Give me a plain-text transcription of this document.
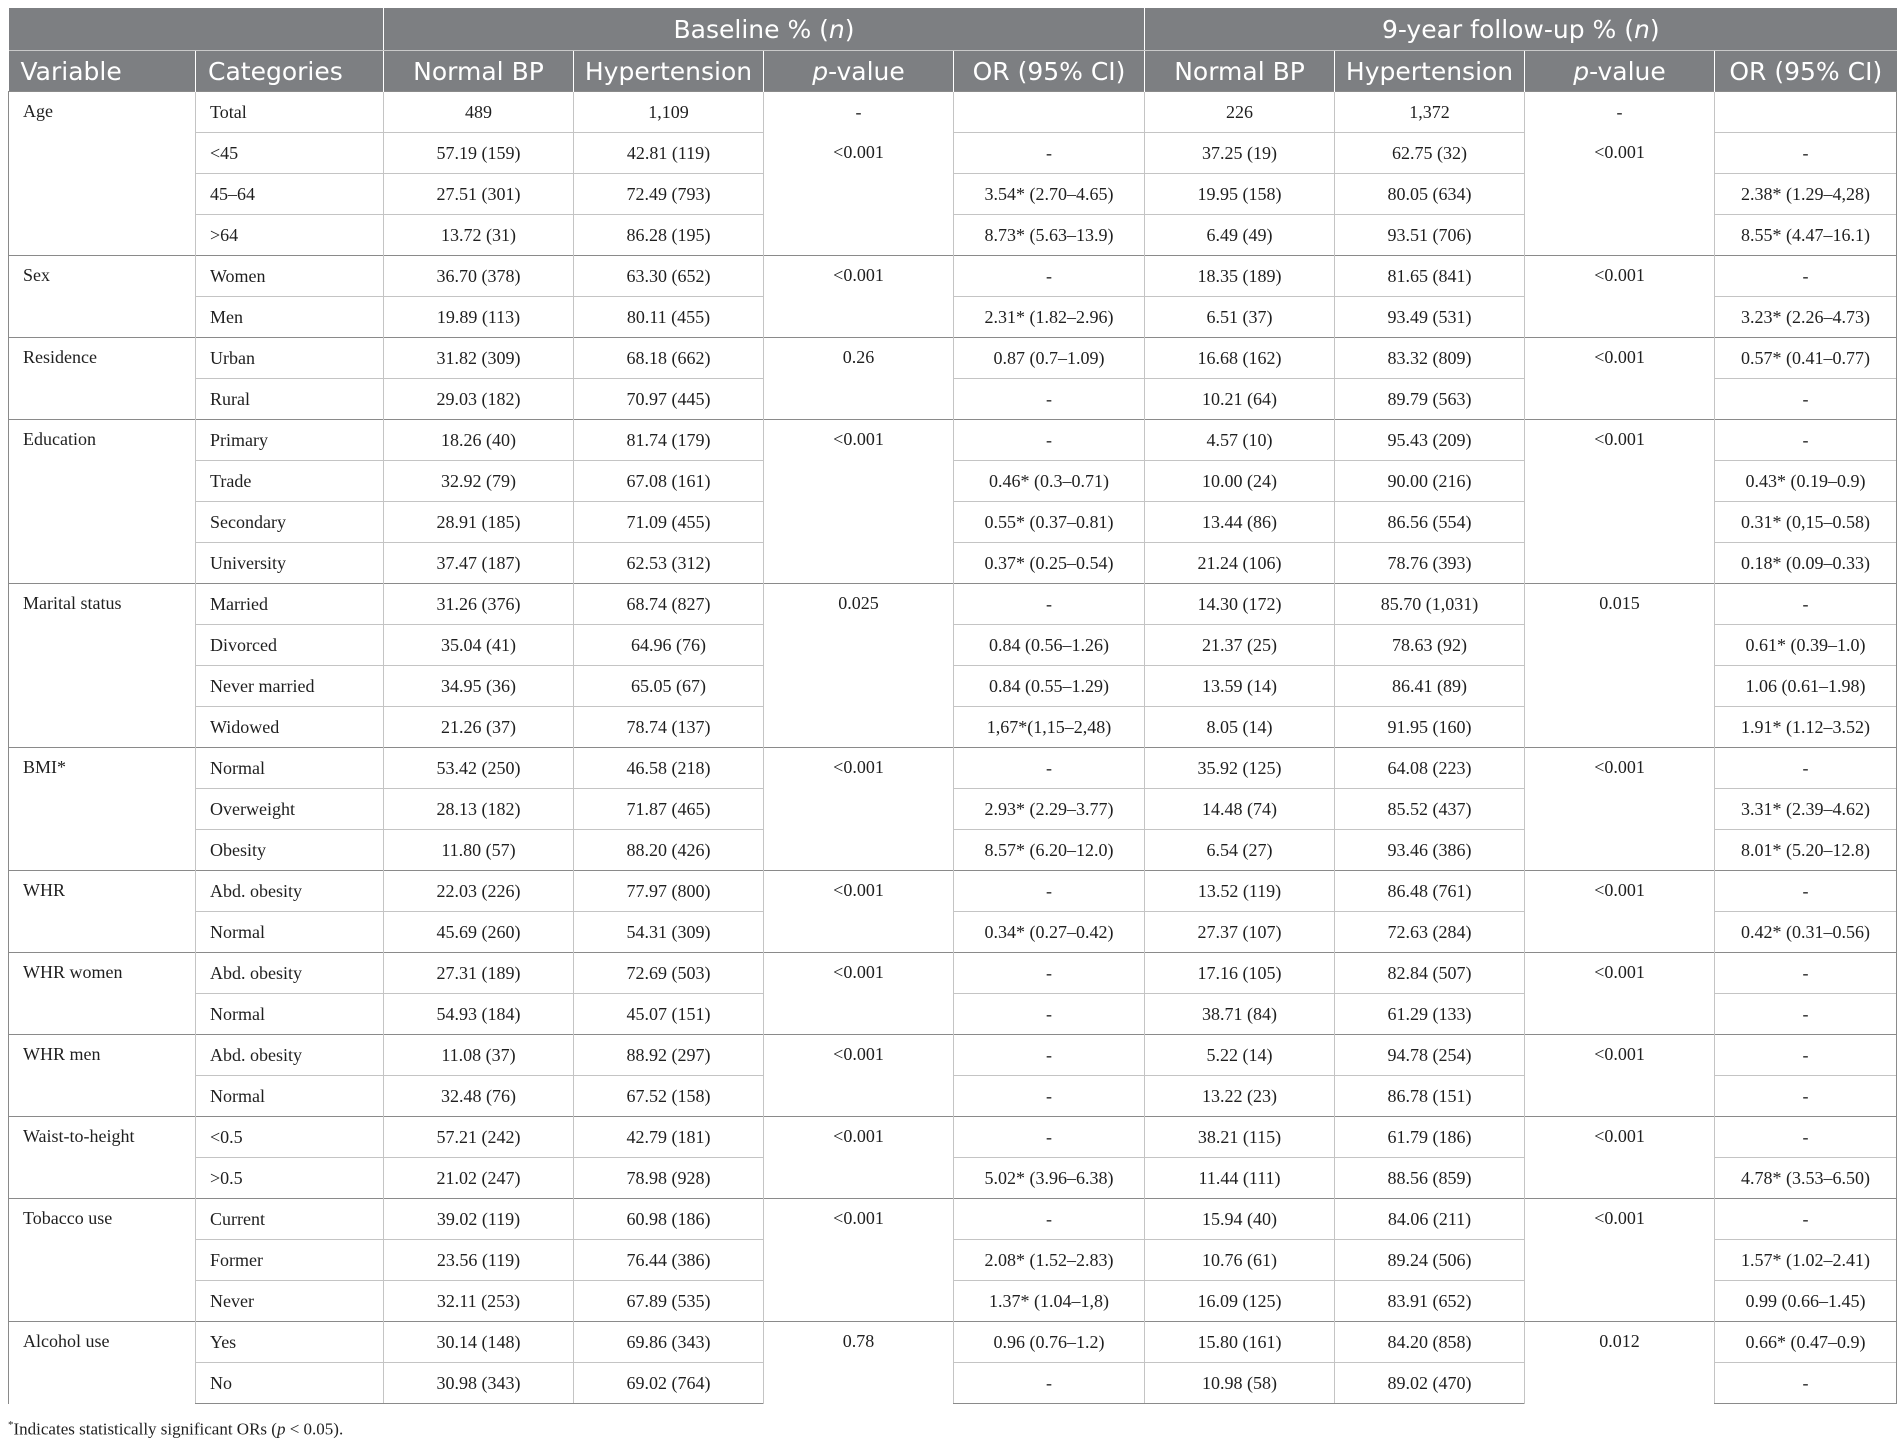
		Baseline % (n)				9-year follow-up % (n)			
Variable	Categories	Normal BP	Hypertension	p-value	OR (95% CI)	Normal BP	Hypertension	p-value	OR (95% CI)
Age	Total	489	1,109	-		226	1,372	-	
	<45	57.19 (159)	42.81 (119)	<0.001	-	37.25 (19)	62.75 (32)	<0.001	-
	45–64	27.51 (301)	72.49 (793)		3.54* (2.70–4.65)	19.95 (158)	80.05 (634)		2.38* (1.29–4,28)
	>64	13.72 (31)	86.28 (195)		8.73* (5.63–13.9)	6.49 (49)	93.51 (706)		8.55* (4.47–16.1)
Sex	Women	36.70 (378)	63.30 (652)	<0.001	-	18.35 (189)	81.65 (841)	<0.001	-
	Men	19.89 (113)	80.11 (455)		2.31* (1.82–2.96)	6.51 (37)	93.49 (531)		3.23* (2.26–4.73)
Residence	Urban	31.82 (309)	68.18 (662)	0.26	0.87 (0.7–1.09)	16.68 (162)	83.32 (809)	<0.001	0.57* (0.41–0.77)
	Rural	29.03 (182)	70.97 (445)		-	10.21 (64)	89.79 (563)		-
Education	Primary	18.26 (40)	81.74 (179)	<0.001	-	4.57 (10)	95.43 (209)	<0.001	-
	Trade	32.92 (79)	67.08 (161)		0.46* (0.3–0.71)	10.00 (24)	90.00 (216)		0.43* (0.19–0.9)
	Secondary	28.91 (185)	71.09 (455)		0.55* (0.37–0.81)	13.44 (86)	86.56 (554)		0.31* (0,15–0.58)
	University	37.47 (187)	62.53 (312)		0.37* (0.25–0.54)	21.24 (106)	78.76 (393)		0.18* (0.09–0.33)
Marital status	Married	31.26 (376)	68.74 (827)	0.025	-	14.30 (172)	85.70 (1,031)	0.015	-
	Divorced	35.04 (41)	64.96 (76)		0.84 (0.56–1.26)	21.37 (25)	78.63 (92)		0.61* (0.39–1.0)
	Never married	34.95 (36)	65.05 (67)		0.84 (0.55–1.29)	13.59 (14)	86.41 (89)		1.06 (0.61–1.98)
	Widowed	21.26 (37)	78.74 (137)		1,67*(1,15–2,48)	8.05 (14)	91.95 (160)		1.91* (1.12–3.52)
BMI*	Normal	53.42 (250)	46.58 (218)	<0.001	-	35.92 (125)	64.08 (223)	<0.001	-
	Overweight	28.13 (182)	71.87 (465)		2.93* (2.29–3.77)	14.48 (74)	85.52 (437)		3.31* (2.39–4.62)
	Obesity	11.80 (57)	88.20 (426)		8.57* (6.20–12.0)	6.54 (27)	93.46 (386)		8.01* (5.20–12.8)
WHR	Abd. obesity	22.03 (226)	77.97 (800)	<0.001	-	13.52 (119)	86.48 (761)	<0.001	-
	Normal	45.69 (260)	54.31 (309)		0.34* (0.27–0.42)	27.37 (107)	72.63 (284)		0.42* (0.31–0.56)
WHR women	Abd. obesity	27.31 (189)	72.69 (503)	<0.001	-	17.16 (105)	82.84 (507)	<0.001	-
	Normal	54.93 (184)	45.07 (151)		-	38.71 (84)	61.29 (133)		-
WHR men	Abd. obesity	11.08 (37)	88.92 (297)	<0.001	-	5.22 (14)	94.78 (254)	<0.001	-
	Normal	32.48 (76)	67.52 (158)		-	13.22 (23)	86.78 (151)		-
Waist-to-height	<0.5	57.21 (242)	42.79 (181)	<0.001	-	38.21 (115)	61.79 (186)	<0.001	-
	>0.5	21.02 (247)	78.98 (928)		5.02* (3.96–6.38)	11.44 (111)	88.56 (859)		4.78* (3.53–6.50)
Tobacco use	Current	39.02 (119)	60.98 (186)	<0.001	-	15.94 (40)	84.06 (211)	<0.001	-
	Former	23.56 (119)	76.44 (386)		2.08* (1.52–2.83)	10.76 (61)	89.24 (506)		1.57* (1.02–2.41)
	Never	32.11 (253)	67.89 (535)		1.37* (1.04–1,8)	16.09 (125)	83.91 (652)		0.99 (0.66–1.45)
Alcohol use	Yes	30.14 (148)	69.86 (343)	0.78	0.96 (0.76–1.2)	15.80 (161)	84.20 (858)	0.012	0.66* (0.47–0.9)
	No	30.98 (343)	69.02 (764)		-	10.98 (58)	89.02 (470)		-
*Indicates statistically significant ORs (p < 0.05).
